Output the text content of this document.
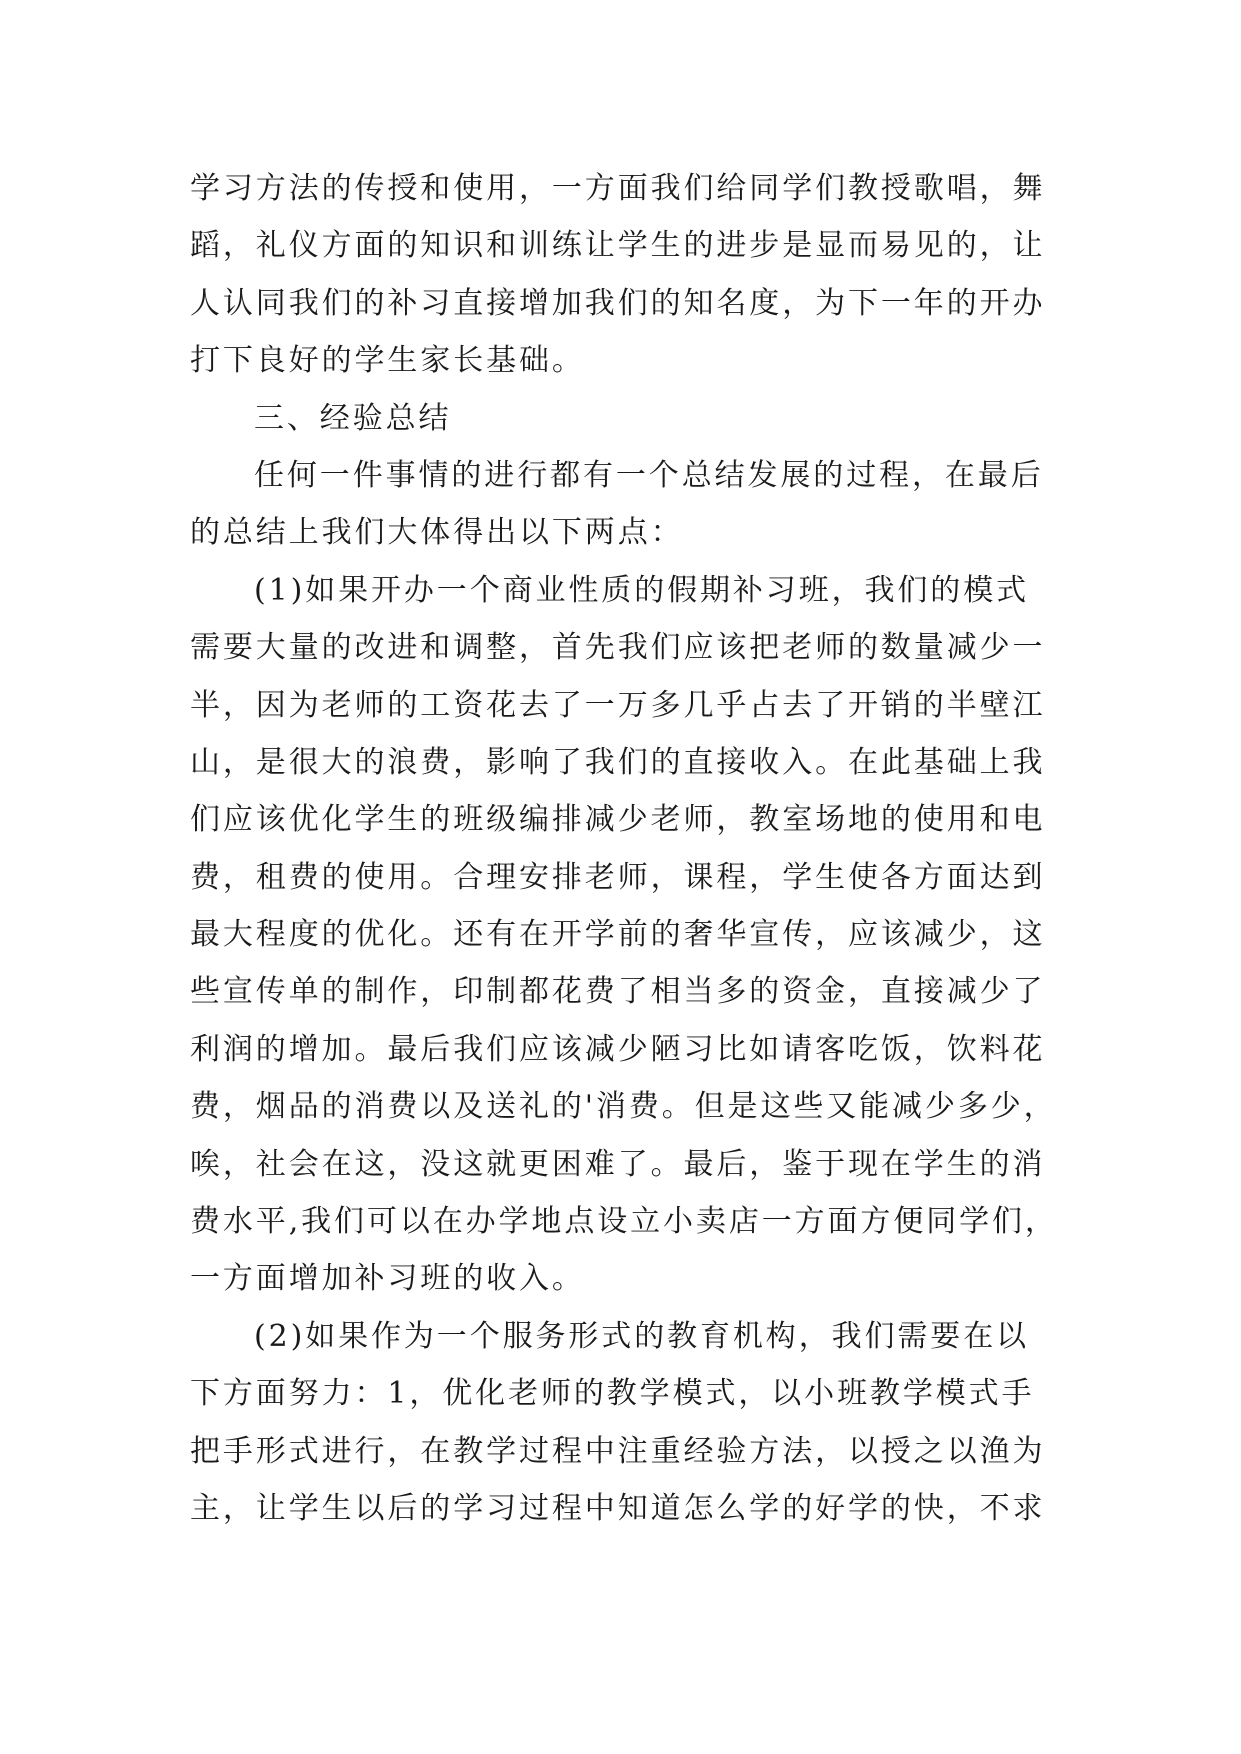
学习方法的传授和使用，一方面我们给同学们教授歌唱，舞
蹈，礼仪方面的知识和训练让学生的进步是显而易见的，让
人认同我们的补习直接增加我们的知名度，为下一年的开办
打下良好的学生家长基础。
三、经验总结
任何一件事情的进行都有一个总结发展的过程，在最后
的总结上我们大体得出以下两点：
(1)如果开办一个商业性质的假期补习班，我们的模式
需要大量的改进和调整，首先我们应该把老师的数量减少一
半，因为老师的工资花去了一万多几乎占去了开销的半壁江
山，是很大的浪费，影响了我们的直接收入。在此基础上我
们应该优化学生的班级编排减少老师，教室场地的使用和电
费，租费的使用。合理安排老师，课程，学生使各方面达到
最大程度的优化。还有在开学前的奢华宣传，应该减少，这
些宣传单的制作，印制都花费了相当多的资金，直接减少了
利润的增加。最后我们应该减少陋习比如请客吃饭，饮料花
费，烟品的消费以及送礼的'消费。但是这些又能减少多少，
唉，社会在这，没这就更困难了。最后，鉴于现在学生的消
费水平,我们可以在办学地点设立小卖店一方面方便同学们，
一方面增加补习班的收入。
(2)如果作为一个服务形式的教育机构，我们需要在以
下方面努力：1，优化老师的教学模式，以小班教学模式手
把手形式进行，在教学过程中注重经验方法，以授之以渔为
主，让学生以后的学习过程中知道怎么学的好学的快，不求
